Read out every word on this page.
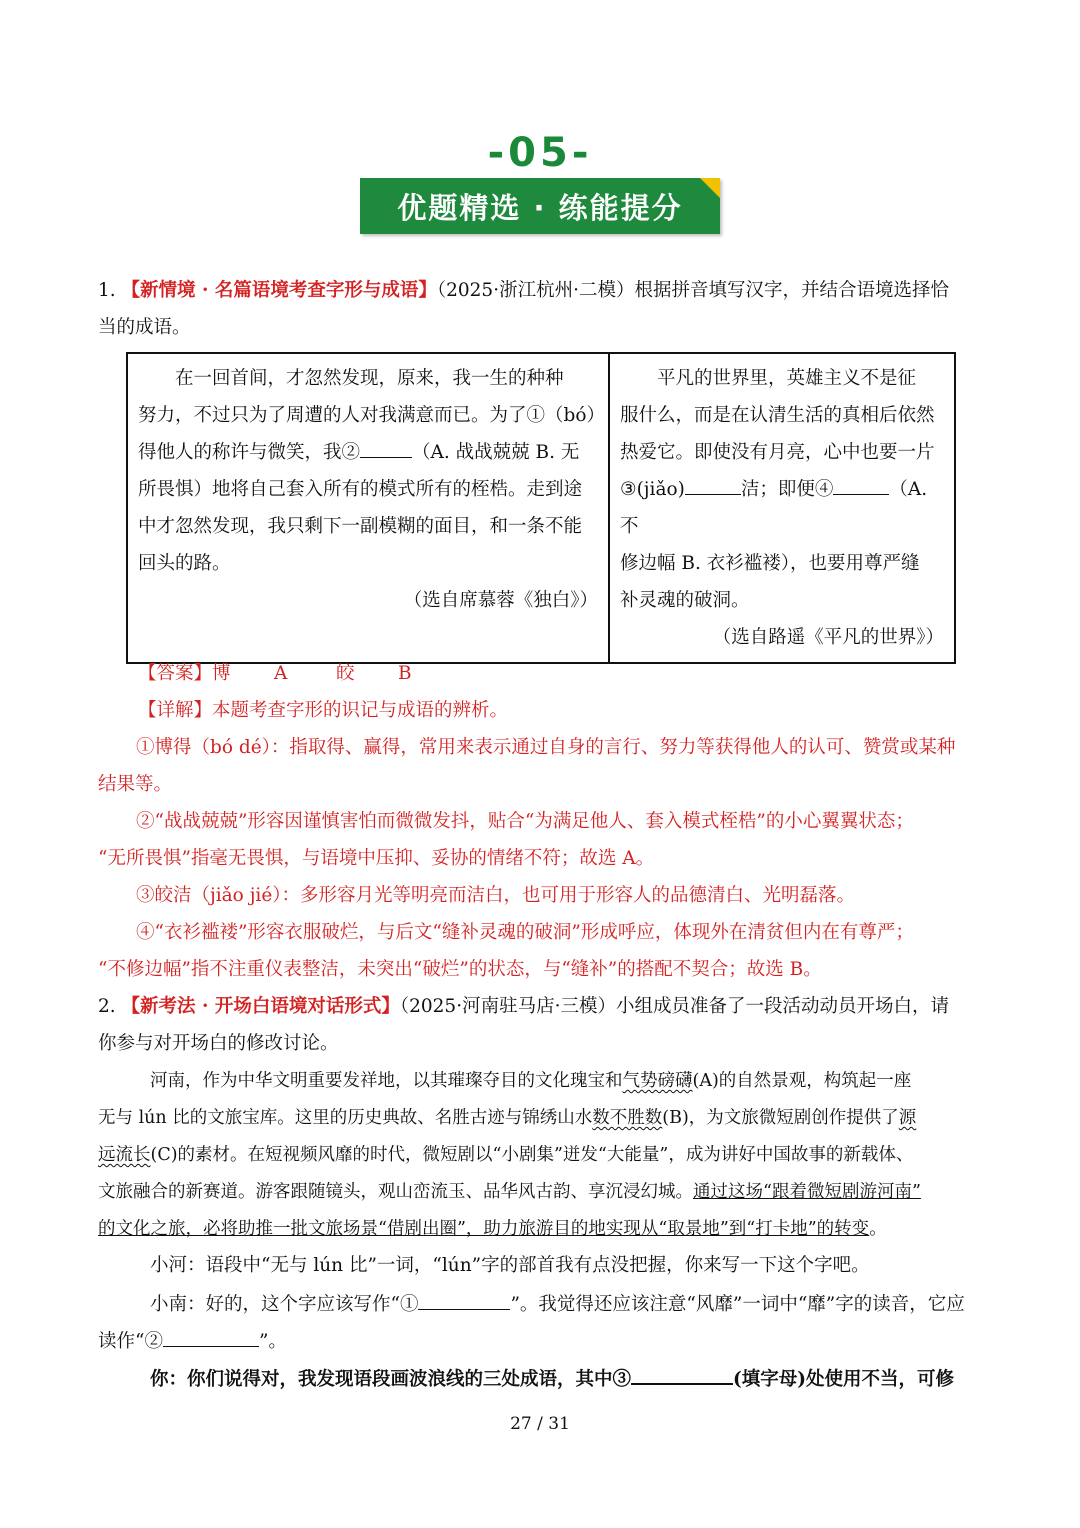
-05-
优题精选 · 练能提分
1. 【新情境 · 名篇语境考查字形与成语】（2025·浙江杭州·二模）根据拼音填写汉字，并结合语境选择恰
当的成语。
在一回首间，才忽然发现，原来，我一生的种种
努力，不过只为了周遭的人对我满意而已。为了①（bó）
得他人的称许与微笑，我②	（A. 战战兢兢 B. 无
所畏惧）地将自己套入所有的模式所有的桎梏。走到途
中才忽然发现，我只剩下一副模糊的面目，和一条不能
回头的路。
（选自席慕蓉《独白》）

平凡的世界里，英雄主义不是征
服什么，而是在认清生活的真相后依然
热爱它。即使没有月亮，心中也要一片
③(jiǎo)	洁；即便④	（A. 不
修边幅 B. 衣衫褴褛），也要用尊严缝
补灵魂的破洞。
（选自路遥《平凡的世界》）
【答案】博 A	皎 B
【详解】本题考查字形的识记与成语的辨析。
①博得（bó dé）：指取得、赢得，常用来表示通过自身的言行、努力等获得他人的认可、赞赏或某种
结果等。
②“战战兢兢”形容因谨慎害怕而微微发抖，贴合“为满足他人、套入模式桎梏”的小心翼翼状态；
“无所畏惧”指毫无畏惧，与语境中压抑、妥协的情绪不符；故选 A。
③皎洁（jiǎo jié）：多形容月光等明亮而洁白，也可用于形容人的品德清白、光明磊落。
④“衣衫褴褛”形容衣服破烂，与后文“缝补灵魂的破洞”形成呼应，体现外在清贫但内在有尊严；
“不修边幅”指不注重仪表整洁，未突出“破烂”的状态，与“缝补”的搭配不契合；故选 B。
2. 【新考法 · 开场白语境对话形式】（2025·河南驻马店·三模）小组成员准备了一段活动动员开场白，请
你参与对开场白的修改讨论。
河南，作为中华文明重要发祥地，以其璀璨夺目的文化瑰宝和气势磅礴(A)的自然景观，构筑起一座
无与 lún 比的文旅宝库。这里的历史典故、名胜古迹与锦绣山水数不胜数(B)，为文旅微短剧创作提供了源
远流长(C)的素材。在短视频风靡的时代，微短剧以“小剧集”迸发“大能量”，成为讲好中国故事的新载体、
文旅融合的新赛道。游客跟随镜头，观山峦流玉、品华风古韵、享沉浸幻城。通过这场“跟着微短剧游河南”
的文化之旅，必将助推一批文旅场景“借剧出圈”，助力旅游目的地实现从“取景地”到“打卡地”的转变。
小河：语段中“无与 lún 比”一词，“lún”字的部首我有点没把握，你来写一下这个字吧。
小南：好的，这个字应该写作“①	”。我觉得还应该注意“风靡”一词中“靡”字的读音，它应
读作“②	”。
你：你们说得对，我发现语段画波浪线的三处成语，其中③	(填字母)处使用不当，可修
27 / 31
